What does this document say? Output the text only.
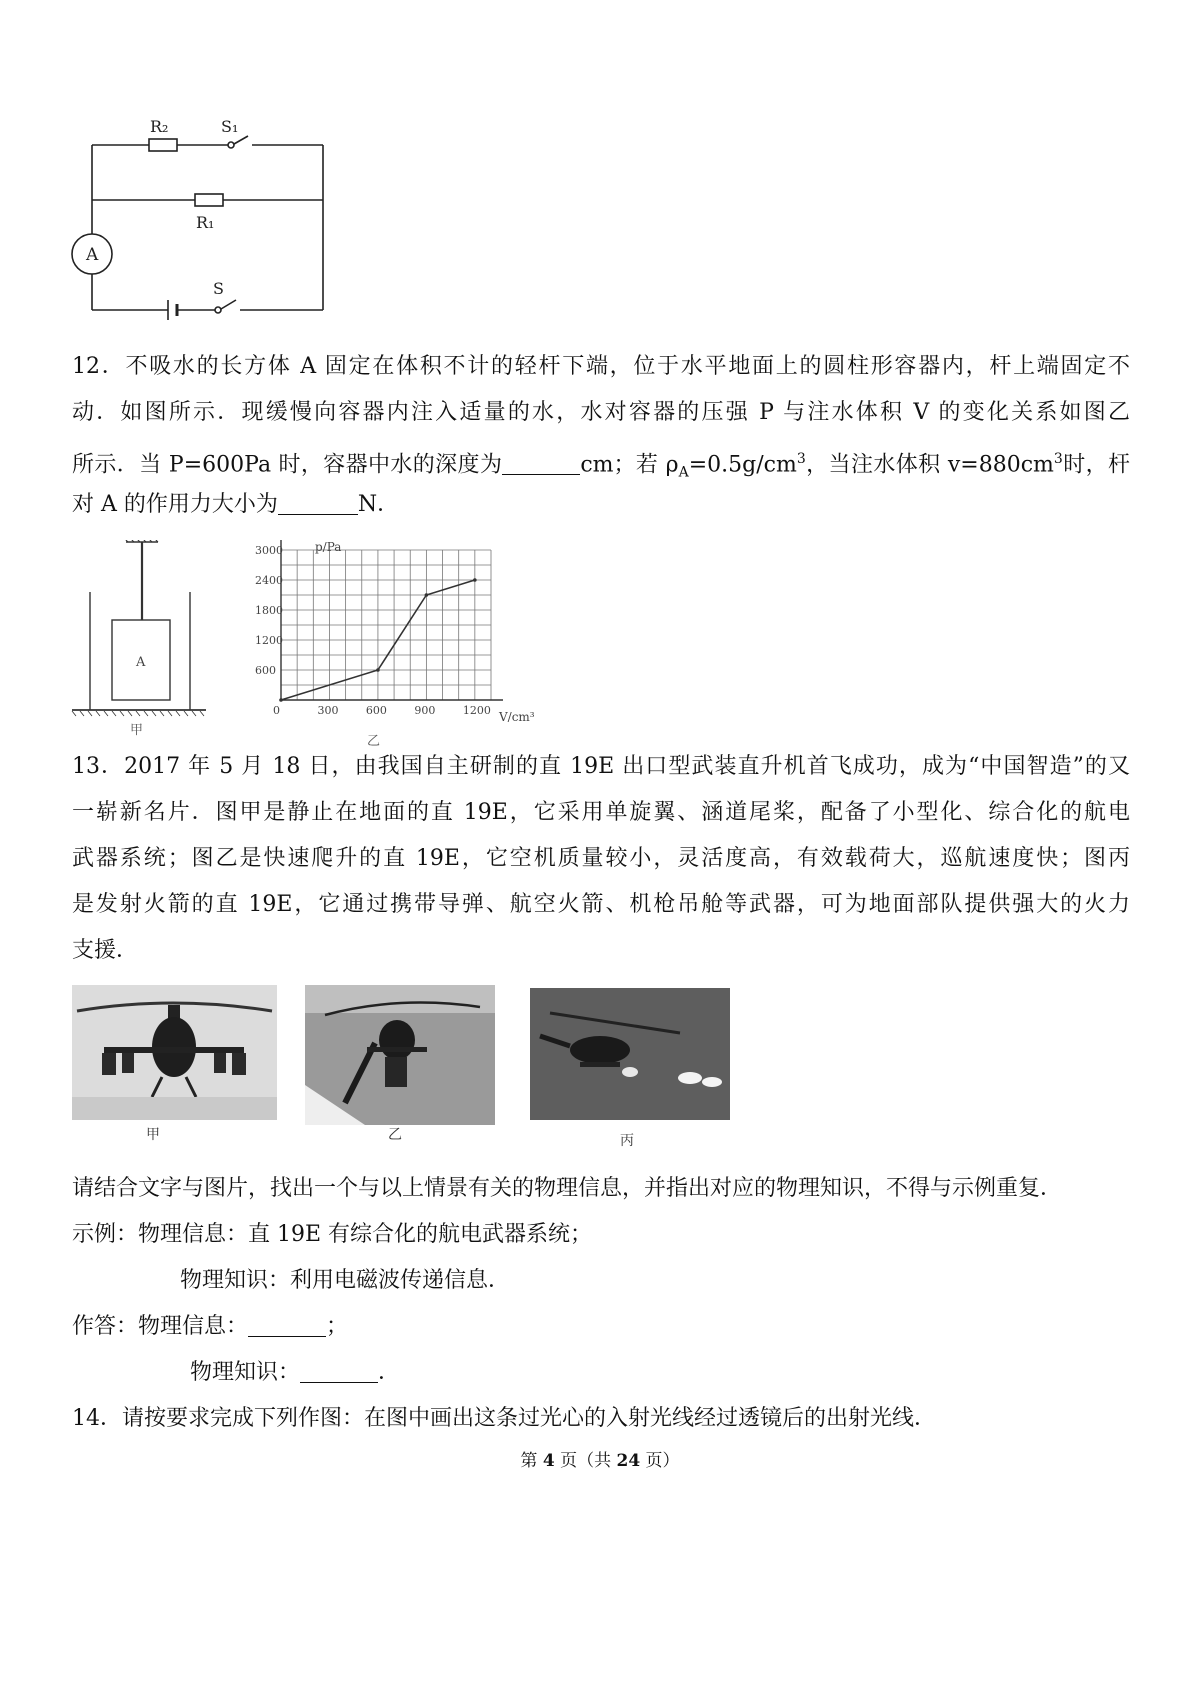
R₂	S₁
R₁
A
S
12．不吸水的长方体 A 固定在体积不计的轻杆下端，位于水平地面上的圆柱形容器内，杆上端固定不
动．如图所示．现缓慢向容器内注入适量的水，水对容器的压强 P 与注水体积 V 的变化关系如图乙
所示．当 P=600Pa 时，容器中水的深度为	cm；若 $\rho_A=0.5g/cm^3$，当注水体积 $v=880cm^3$时，杆
对 A 的作用力大小为	N．
A
甲
0	300 600 900 1200
600
1200
1800
2400
3000	p/Pa
V/cm³
乙
13．2017 年 5 月 18 日，由我国自主研制的直 19E 出口型武装直升机首飞成功，成为“中国智造”的又
一崭新名片．图甲是静止在地面的直 19E，它采用单旋翼、涵道尾桨，配备了小型化、综合化的航电
武器系统；图乙是快速爬升的直 19E，它空机质量较小，灵活度高，有效载荷大，巡航速度快；图丙
是发射火箭的直 19E，它通过携带导弹、航空火箭、机枪吊舱等武器，可为地面部队提供强大的火力
支援．
甲	乙	丙
请结合文字与图片，找出一个与以上情景有关的物理信息，并指出对应的物理知识，不得与示例重复．
示例：物理信息：直 19E 有综合化的航电武器系统；
物理知识：利用电磁波传递信息．
作答：物理信息：	；
物理知识：	．
14．请按要求完成下列作图：在图中画出这条过光心的入射光线经过透镜后的出射光线．
第 4 页（共 24 页）
